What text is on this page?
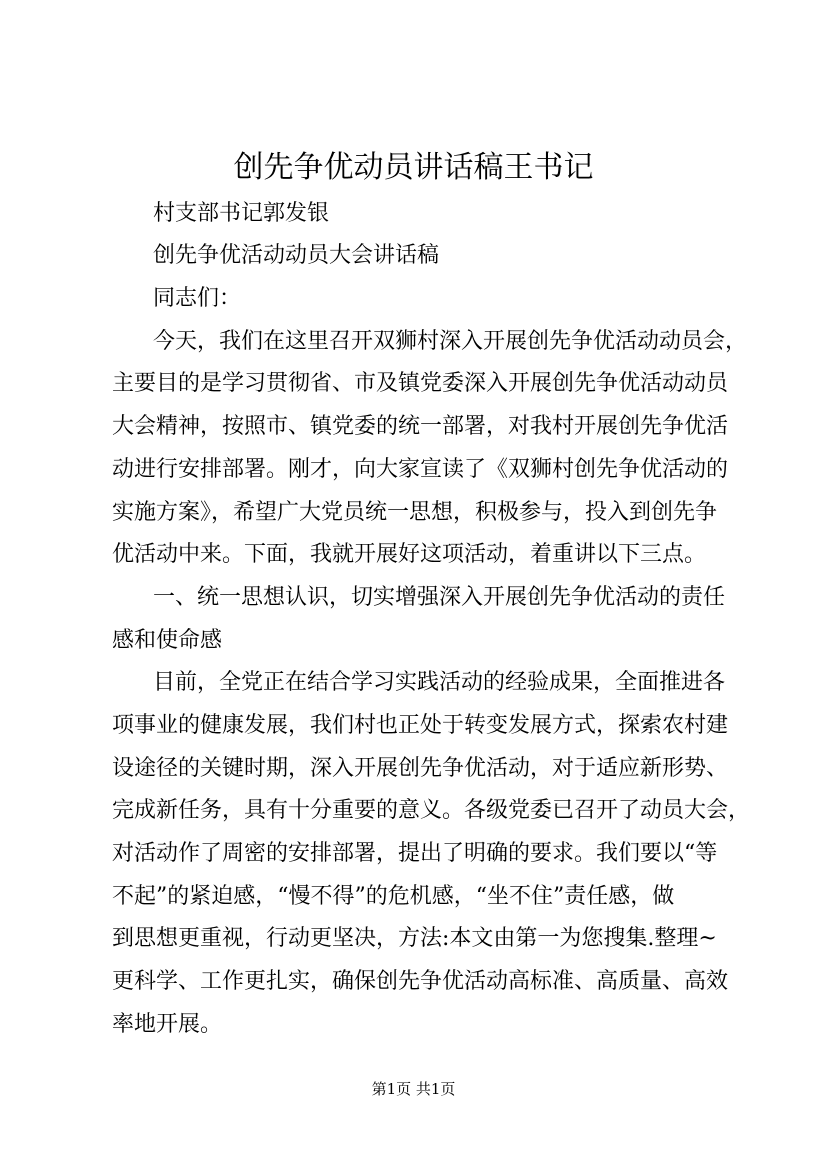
创先争优动员讲话稿王书记

村支部书记郭发银

创先争优活动动员大会讲话稿

同志们：

今天，我们在这里召开双狮村深入开展创先争优活动动员会，

主要目的是学习贯彻省、市及镇党委深入开展创先争优活动动员

大会精神，按照市、镇党委的统一部署，对我村开展创先争优活

动进行安排部署。刚才，向大家宣读了《双狮村创先争优活动的

实施方案》，希望广大党员统一思想，积极参与，投入到创先争

优活动中来。下面，我就开展好这项活动，着重讲以下三点。

一、统一思想认识，切实增强深入开展创先争优活动的责任

感和使命感

目前，全党正在结合学习实践活动的经验成果，全面推进各

项事业的健康发展，我们村也正处于转变发展方式，探索农村建

设途径的关键时期，深入开展创先争优活动，对于适应新形势、

完成新任务，具有十分重要的意义。各级党委已召开了动员大会，

对活动作了周密的安排部署，提出了明确的要求。我们要以“等

不起”的紧迫感，“慢不得”的危机感，“坐不住”责任感，做

到思想更重视，行动更坚决，方法:本文由第一为您搜集.整理~

更科学、工作更扎实，确保创先争优活动高标准、高质量、高效

率地开展。

第1页 共1页
